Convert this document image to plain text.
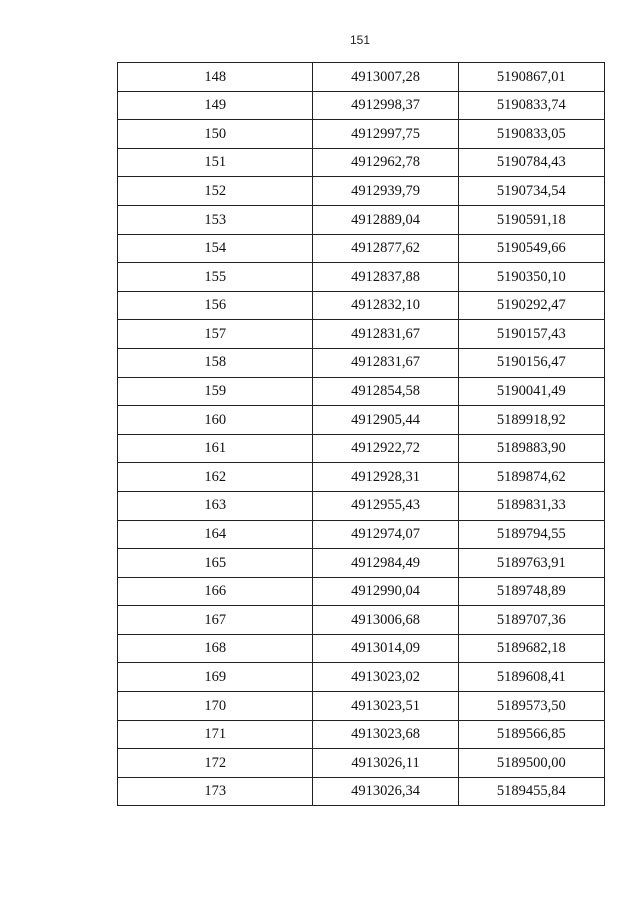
151
148	4913007,28	5190867,01
149	4912998,37	5190833,74
150	4912997,75	5190833,05
151	4912962,78	5190784,43
152	4912939,79	5190734,54
153	4912889,04	5190591,18
154	4912877,62	5190549,66
155	4912837,88	5190350,10
156	4912832,10	5190292,47
157	4912831,67	5190157,43
158	4912831,67	5190156,47
159	4912854,58	5190041,49
160	4912905,44	5189918,92
161	4912922,72	5189883,90
162	4912928,31	5189874,62
163	4912955,43	5189831,33
164	4912974,07	5189794,55
165	4912984,49	5189763,91
166	4912990,04	5189748,89
167	4913006,68	5189707,36
168	4913014,09	5189682,18
169	4913023,02	5189608,41
170	4913023,51	5189573,50
171	4913023,68	5189566,85
172	4913026,11	5189500,00
173	4913026,34	5189455,84
